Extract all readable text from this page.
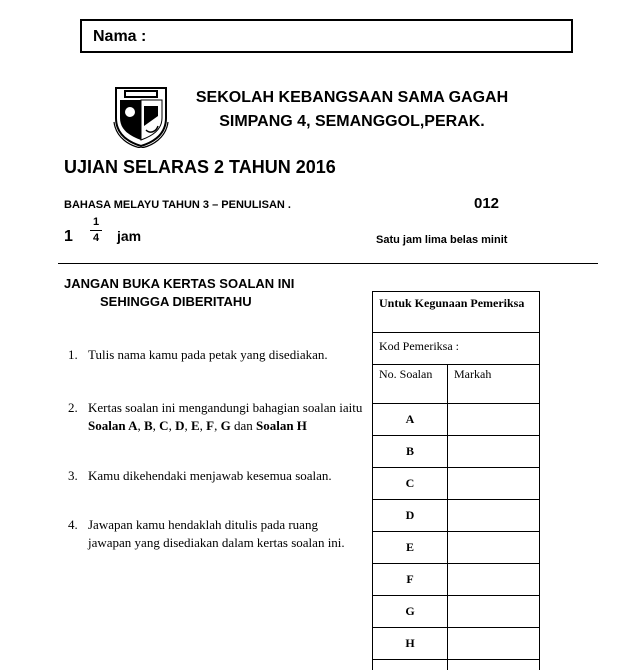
Nama :
SEKOLAH KEBANGSAAN SAMA GAGAH
SIMPANG 4, SEMANGGOL,PERAK.
UJIAN SELARAS 2 TAHUN 2016
BAHASA MELAYU TAHUN 3 – PENULISAN .	012
1
1
4 jam	Satu jam lima belas minit
JANGAN BUKA KERTAS SOALAN INI
SEHINGGA DIBERITAHU
1. Tulis nama kamu pada petak yang disediakan.
2. Kertas soalan ini mengandungi bahagian soalan iaitu Soalan A, B, C, D, E, F, G dan Soalan H
3. Kamu dikehendaki menjawab kesemua soalan.
4. Jawapan kamu hendaklah ditulis pada ruang jawapan yang disediakan dalam kertas soalan ini.
Untuk Kegunaan Pemeriksa	
Kod Pemeriksa :	
No. Soalan	Markah
A	
B	
C	
D	
E	
F	
G	
H	
